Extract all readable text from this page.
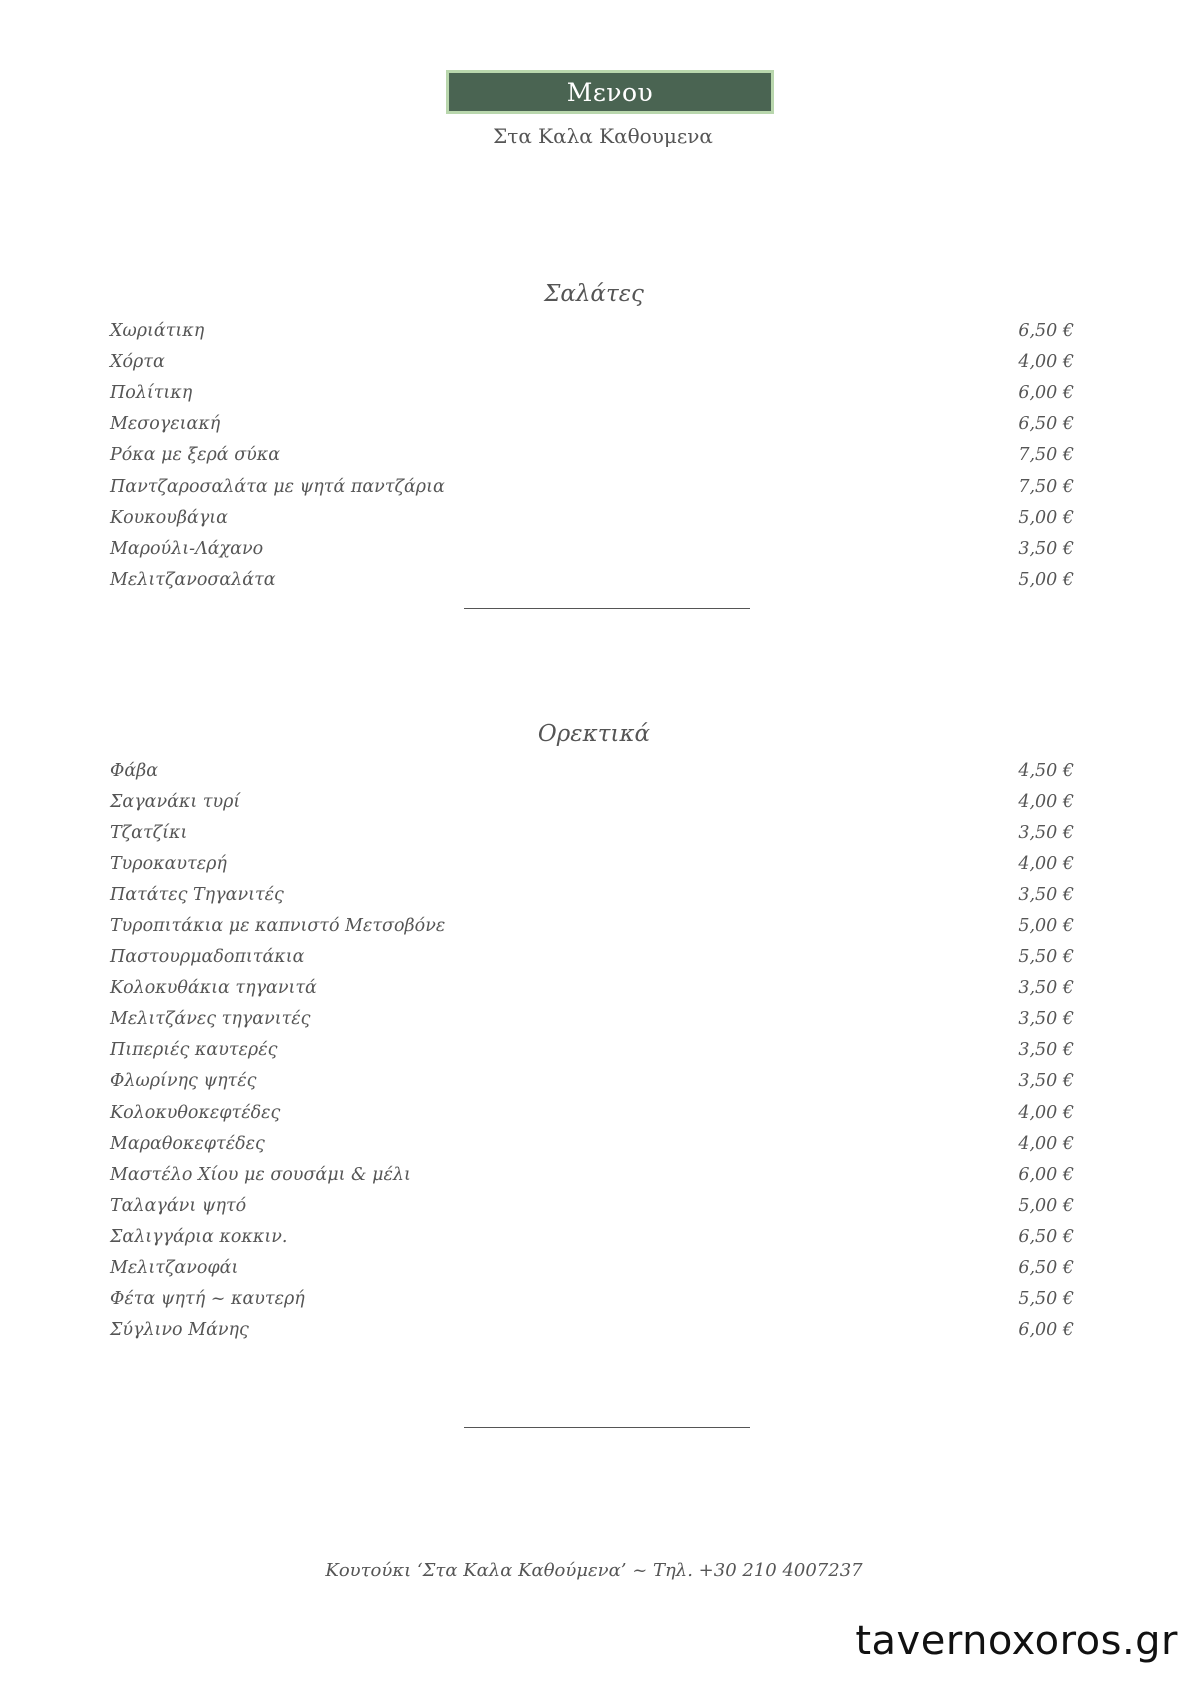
Μενου
Στα Καλα Καθουμενα
Σαλάτες
Χωριάτικη	6,50 €
Χόρτα	4,00 €
Πολίτικη	6,00 €
Μεσογειακή	6,50 €
Ρόκα με ξερά σύκα	7,50 €
Παντζαροσαλάτα με ψητά παντζάρια	7,50 €
Κουκουβάγια	5,00 €
Μαρούλι-Λάχανο	3,50 €
Μελιτζανοσαλάτα	5,00 €
Ορεκτικά
Φάβα	4,50 €
Σαγανάκι τυρί	4,00 €
Τζατζίκι	3,50 €
Τυροκαυτερή	4,00 €
Πατάτες Τηγανιτές	3,50 €
Τυροπιτάκια με καπνιστό Μετσοβόνε	5,00 €
Παστουρμαδοπιτάκια	5,50 €
Κολοκυθάκια τηγανιτά	3,50 €
Μελιτζάνες τηγανιτές	3,50 €
Πιπεριές καυτερές	3,50 €
Φλωρίνης ψητές	3,50 €
Κολοκυθοκεφτέδες	4,00 €
Μαραθοκεφτέδες	4,00 €
Μαστέλο Χίου με σουσάμι & μέλι	6,00 €
Ταλαγάνι ψητό	5,00 €
Σαλιγγάρια κοκκιν.	6,50 €
Μελιτζανοφάι	6,50 €
Φέτα ψητή ~ καυτερή	5,50 €
Σύγλινο Μάνης	6,00 €
Κουτούκι ‘Στα Καλα Καθούμενα’ ~ Τηλ. +30 210 4007237
tavernoxoros.gr
